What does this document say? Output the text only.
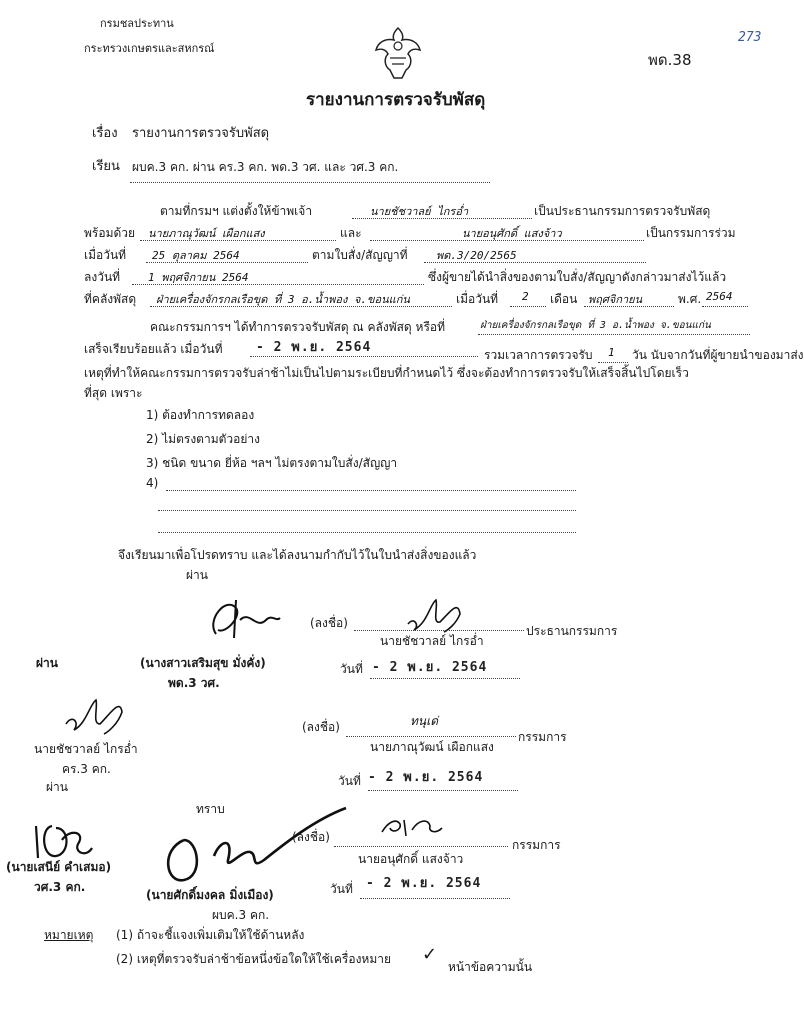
กรมชลประทาน
กระทรวงเกษตรและสหกรณ์
พด.38
273
รายงานการตรวจรับพัสดุ
เรื่อง รายงานการตรวจรับพัสดุ
เรียน ผบค.3 คก. ผ่าน คร.3 คก. พด.3 วศ. และ วศ.3 คก.
ตามที่กรมฯ แต่งตั้งให้ข้าพเจ้า	นายชัชวาลย์ ไกรอ่ำ	เป็นประธานกรรมการตรวจรับพัสดุ
พร้อมด้วย นายภาณุวัฒน์ เผือกแสง	และ	นายอนุศักดิ์ แสงจ้าว	เป็นกรรมการร่วม
เมื่อวันที่ 25 ตุลาคม 2564	ตามใบสั่ง/สัญญาที่	พด.3/20/2565
ลงวันที่	1 พฤศจิกายน 2564	ซึ่งผู้ขายได้นำสิ่งของตามใบสั่ง/สัญญาดังกล่าวมาส่งไว้แล้ว
ที่คลังพัสดุ ฝ่ายเครื่องจักรกลเรือขุด ที่ 3 อ.น้ำพอง จ.ขอนแก่น	เมื่อวันที่ 2 เดือน พฤศจิกายน	พ.ศ. 2564
คณะกรรมการฯ ได้ทำการตรวจรับพัสดุ ณ คลังพัสดุ หรือที่	ฝ่ายเครื่องจักรกลเรือขุด ที่ 3 อ.น้ำพอง จ.ขอนแก่น
เสร็จเรียบร้อยแล้ว เมื่อวันที่	- 2 พ.ย. 2564	รวมเวลาการตรวจรับ 1 วัน นับจากวันที่ผู้ขายนำของมาส่ง
เหตุที่ทำให้คณะกรรมการตรวจรับล่าช้าไม่เป็นไปตามระเบียบที่กำหนดไว้ ซึ่งจะต้องทำการตรวจรับให้เสร็จสิ้นไปโดยเร็ว
ที่สุด เพราะ
1) ต้องทำการทดลอง
2) ไม่ตรงตามตัวอย่าง
3) ชนิด ขนาด ยี่ห้อ ฯลฯ ไม่ตรงตามใบสั่ง/สัญญา
4)
จึงเรียนมาเพื่อโปรดทราบ และได้ลงนามกำกับไว้ในใบนำส่งสิ่งของแล้ว
ผ่าน
ผ่าน	(นางสาวเสริมสุข มั่งคั่ง)
พด.3 วศ.
นายชัชวาลย์ ไกรอ่ำ
คร.3 คก.
ผ่าน
(นายเสนีย์ คำเสมอ)
วศ.3 คก.
ทราบ
(นายศักดิ์มงคล มิ่งเมือง)
ผบค.3 คก.
(ลงชื่อ)
ประธานกรรมการ
นายชัชวาลย์ ไกรอ่ำ
วันที่ - 2 พ.ย. 2564
ทนุเด่
(ลงชื่อ)
กรรมการ
นายภาณุวัฒน์ เผือกแสง
วันที่ - 2 พ.ย. 2564
(ลงชื่อ)
กรรมการ
นายอนุศักดิ์ แสงจ้าว
วันที่ - 2 พ.ย. 2564
หมายเหตุ (1) ถ้าจะชี้แจงเพิ่มเติมให้ใช้ด้านหลัง
(2) เหตุที่ตรวจรับล่าช้าข้อหนึ่งข้อใดให้ใช้เครื่องหมาย ✓
หน้าข้อความนั้น
